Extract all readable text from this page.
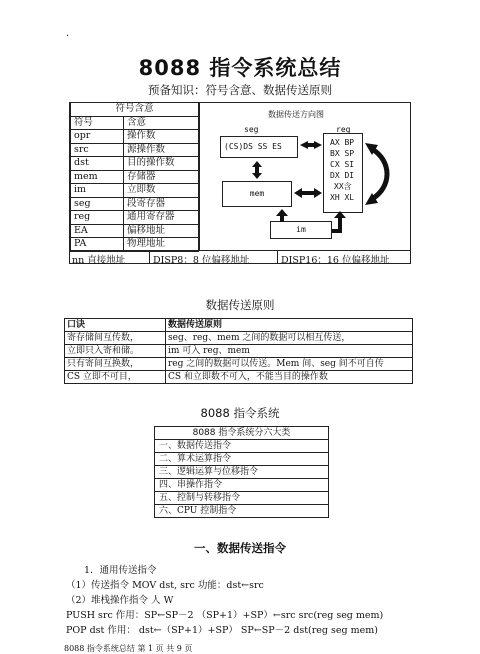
.
8088 指令系统总结
预备知识：符号含意、数据传送原则
符号含意	
符号	含意
opr	操作数
src	源操作数
dst	目的操作数
mem	存储器
im	立即数
seg	段寄存器
reg	通用寄存器
EA	偏移地址
PA	物理地址
nn 直接地址	DISP8：8 位偏移地址	DISP16：16 位偏移地址
数据传送方向图
seg	reg
(CS)DS SS ES	AX BP
BX SP
CX SI
DX DI
XX含
XH XL
mem
im
数据传送原则
口诀	数据传送原则
寄存储间互传数，	seg、reg、mem 之间的数据可以相互传送，
立即只入寄和储。	im 可入 reg、mem
只有寄间互换数，	reg 之间的数据可以传送。Mem 间、seg 间不可自传
CS 立即不可目，	CS 和立即数不可入，不能当目的操作数
8088 指令系统
8088 指令系统分六大类
一、数据传送指令
二、算术运算指令
三、逻辑运算与位移指令
四、串操作指令
五、控制与转移指令
六、CPU 控制指令
一、数据传送指令
1．通用传送指令
（1）传送指令 MOV dst, src 功能：dst←src
（2）堆栈操作指令 人 W
PUSH src 作用：SP←SP－2 （SP+1）+SP）←src src(reg seg mem)
POP dst 作用： dst←（SP+1）+SP） SP←SP－2 dst(reg seg mem)
8088 指令系统总结 第 1 页 共 9 页
